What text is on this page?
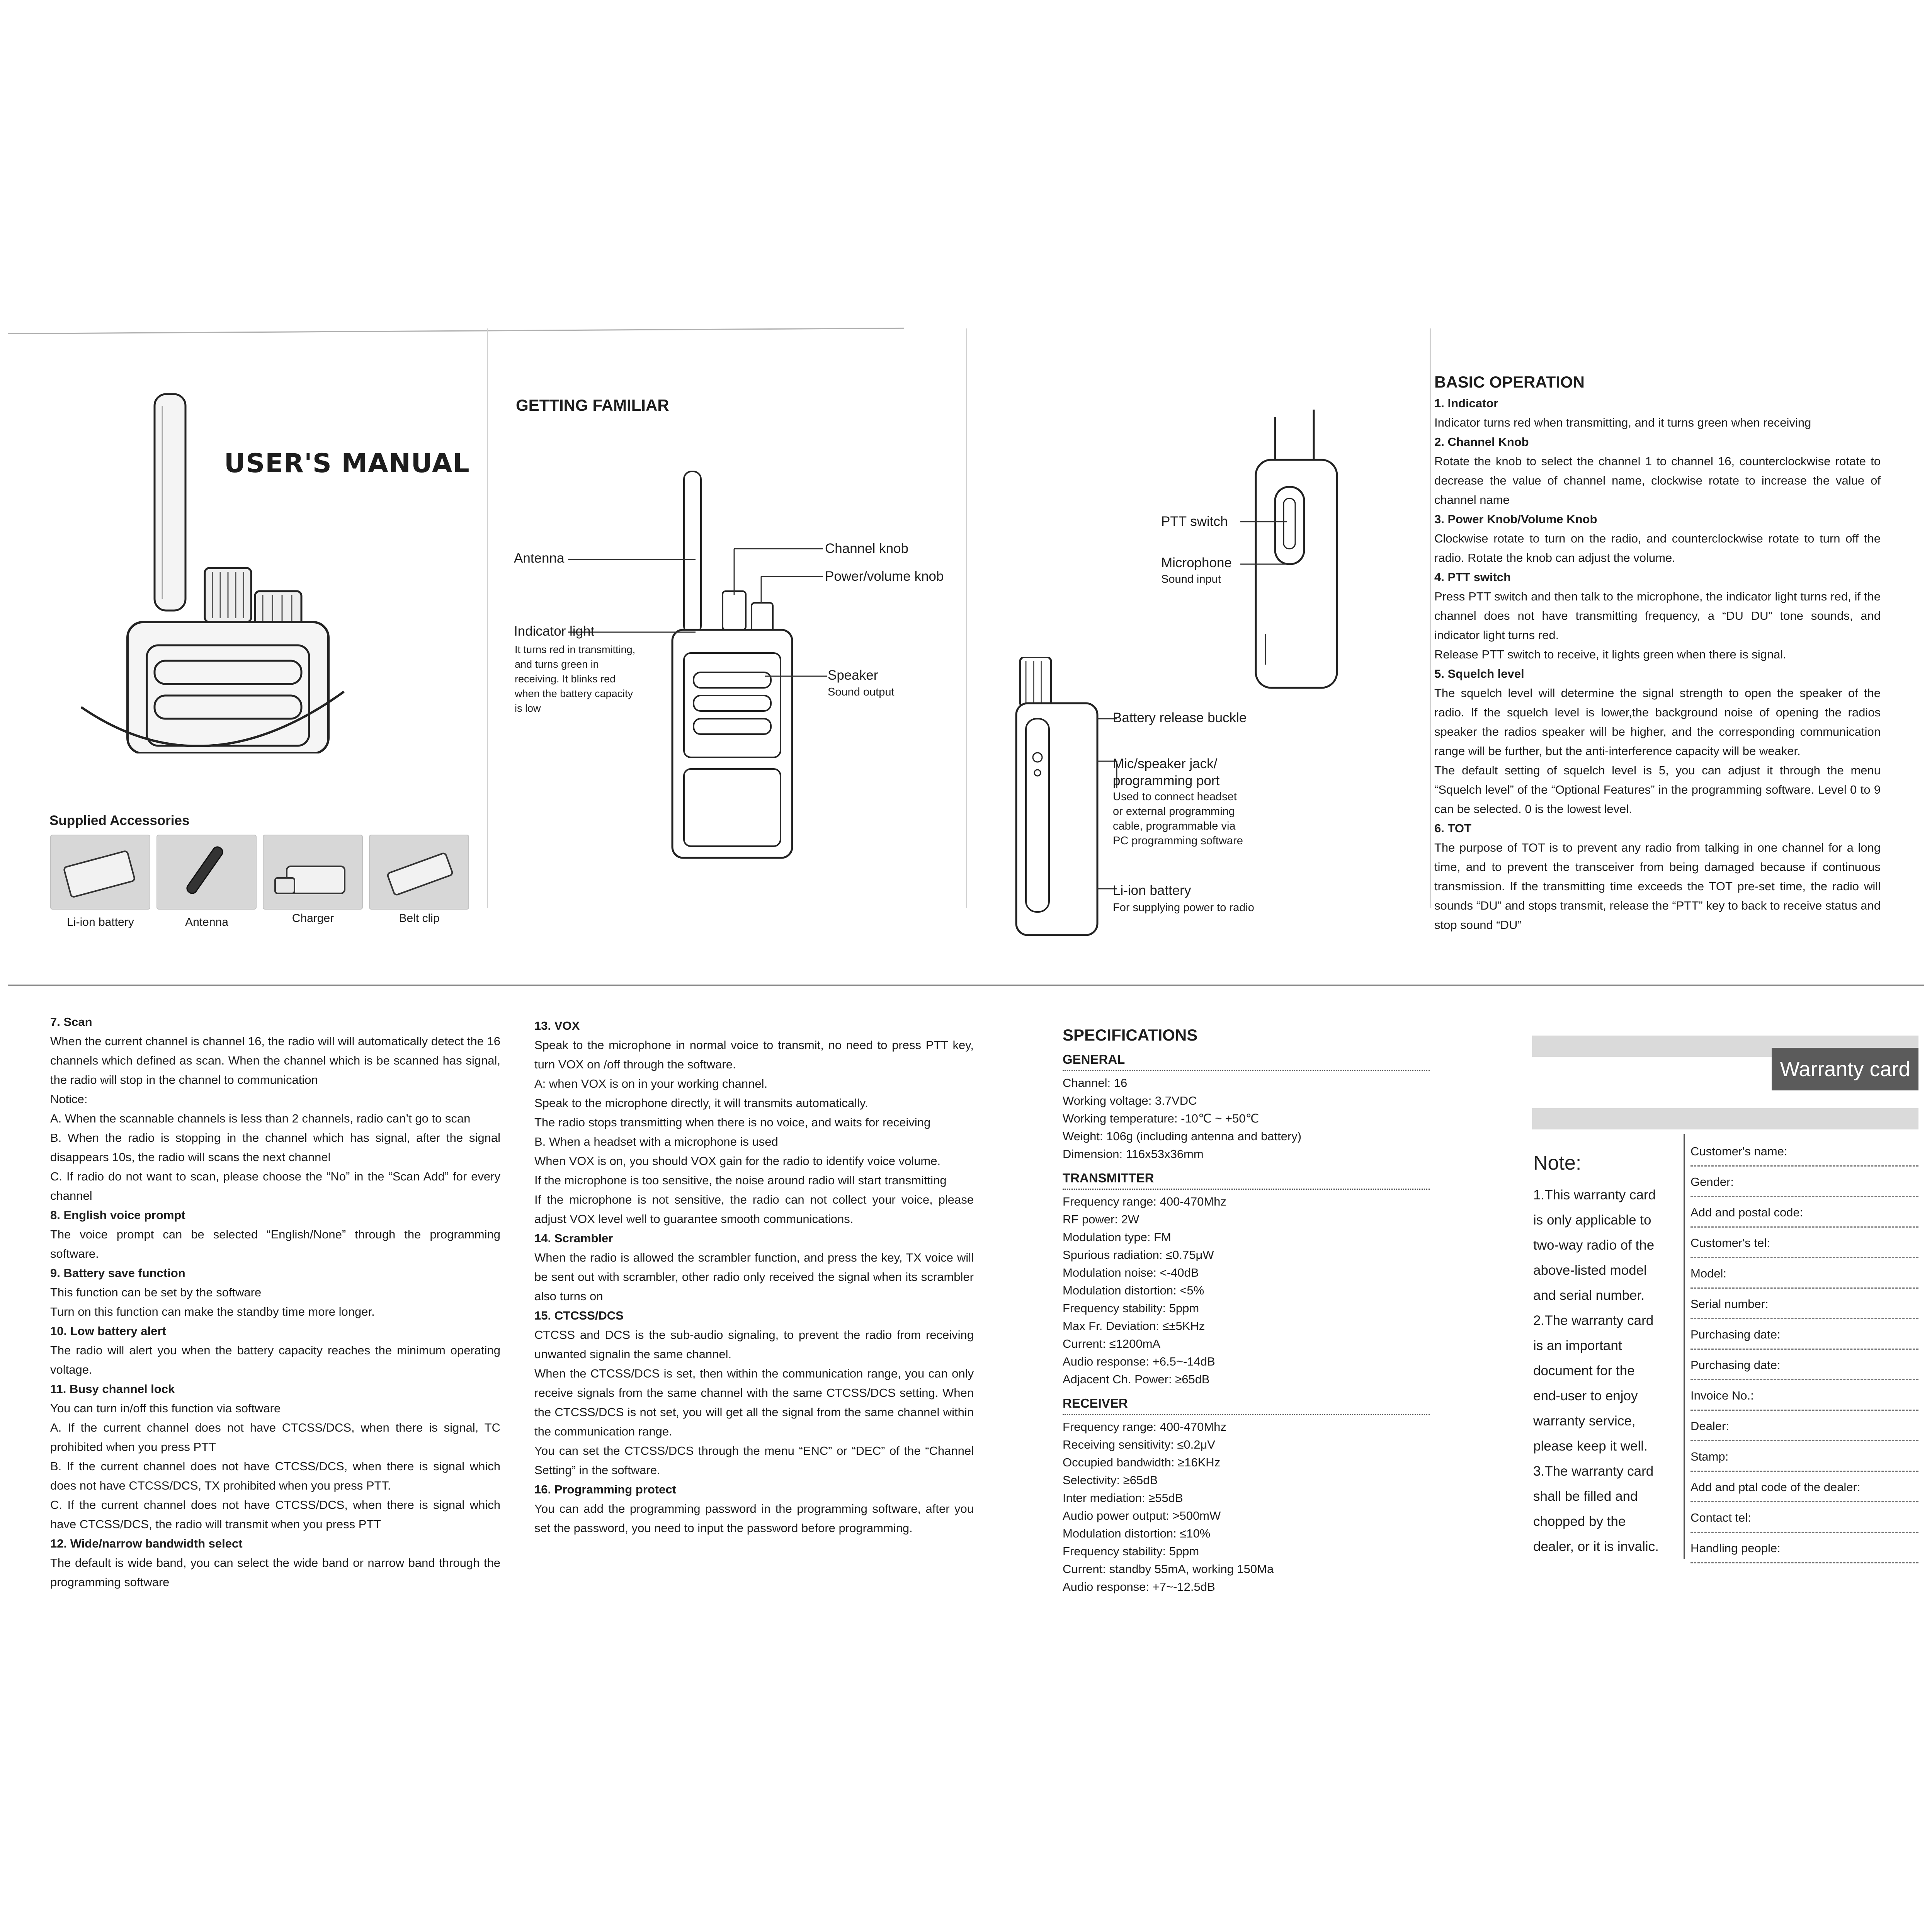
USER'S MANUAL
Supplied Accessories
Li-ion battery	Antenna	Charger	Belt clip
GETTING FAMILIAR
Antenna
Channel knob
Power/volume knob
Indicator light
It turns red in transmitting,
and turns green in
receiving. It blinks red
when the battery capacity
is low
Speaker
Sound output
PTT switch
Microphone
Sound input
Battery release buckle
Mic/speaker jack/
programming port
Used to connect headset
or external programming
cable, programmable via
PC programming software
Li-ion battery
For supplying power to radio
BASIC OPERATION
1. Indicator

Indicator turns red when transmitting, and it turns green when receiving

2. Channel Knob

Rotate the knob to select the channel 1 to channel 16, counterclockwise rotate to decrease the value of channel name, clockwise rotate to increase the value of channel name

3. Power Knob/Volume Knob

Clockwise rotate to turn on the radio, and counterclockwise rotate to turn off the radio. Rotate the knob can adjust the volume.

4. PTT switch

Press PTT switch and then talk to the microphone, the indicator light turns red, if the channel does not have transmitting frequency, a “DU DU” tone sounds, and indicator light turns red.

Release PTT switch to receive, it lights green when there is signal.

5. Squelch level

The squelch level will determine the signal strength to open the speaker of the radio. If the squelch level is lower,the background noise of opening the radios speaker the radios speaker will be higher, and the corresponding communication range will be further, but the anti-interference capacity will be weaker.

The default setting of squelch level is 5, you can adjust it through the menu “Squelch level” of the “Optional Features” in the programming software. Level 0 to 9 can be selected. 0 is the lowest level.

6. TOT

The purpose of TOT is to prevent any radio from talking in one channel for a long time, and to prevent the transceiver from being damaged because if continuous transmission. If the transmitting time exceeds the TOT pre-set time, the radio will sounds “DU” and stops transmit, release the “PTT” key to back to receive status and stop sound “DU”

7. Scan

When the current channel is channel 16, the radio will will automatically detect the 16 channels which defined as scan. When the channel which is be scanned has signal, the radio will stop in the channel to communication

Notice:

A. When the scannable channels is less than 2 channels, radio can’t go to scan

B. When the radio is stopping in the channel which has signal, after the signal disappears 10s, the radio will scans the next channel

C. If radio do not want to scan, please choose the “No” in the “Scan Add” for every channel

8. English voice prompt

The voice prompt can be selected “English/None” through the programming software.

9. Battery save function

This function can be set by the software

Turn on this function can make the standby time more longer.

10. Low battery alert

The radio will alert you when the battery capacity reaches the minimum operating voltage.

11. Busy channel lock

You can turn in/off this function via software

A. If the current channel does not have CTCSS/DCS, when there is signal, TC prohibited when you press PTT

B. If the current channel does not have CTCSS/DCS, when there is signal which does not have CTCSS/DCS, TX prohibited when you press PTT.

C. If the current channel does not have CTCSS/DCS, when there is signal which have CTCSS/DCS, the radio will transmit when you press PTT

12. Wide/narrow bandwidth select

The default is wide band, you can select the wide band or narrow band through the programming software

13. VOX

Speak to the microphone in normal voice to transmit, no need to press PTT key, turn VOX on /off through the software.

A: when VOX is on in your working channel.

Speak to the microphone directly, it will transmits automatically.

The radio stops transmitting when there is no voice, and waits for receiving

B. When a headset with a microphone is used

When VOX is on, you should VOX gain for the radio to identify voice volume.

If the microphone is too sensitive, the noise around radio will start transmitting

If the microphone is not sensitive, the radio can not collect your voice, please adjust VOX level well to guarantee smooth communications.

14. Scrambler

When the radio is allowed the scrambler function, and press the key, TX voice will be sent out with scrambler, other radio only received the signal when its scrambler also turns on

15. CTCSS/DCS

CTCSS and DCS is the sub-audio signaling, to prevent the radio from receiving unwanted signalin the same channel.

When the CTCSS/DCS is set, then within the communication range, you can only receive signals from the same channel with the same CTCSS/DCS setting. When the CTCSS/DCS is not set, you will get all the signal from the same channel within the communication range.

You can set the CTCSS/DCS through the menu “ENC” or “DEC” of the “Channel Setting” in the software.

16. Programming protect

You can add the programming password in the programming software, after you set the password, you need to input the password before programming.

SPECIFICATIONS
GENERAL
Channel: 16
Working voltage: 3.7VDC
Working temperature: -10℃ ~ +50℃
Weight: 106g (including antenna and battery)
Dimension: 116x53x36mm
TRANSMITTER
Frequency range: 400-470Mhz
RF power: 2W
Modulation type: FM
Spurious radiation: ≤0.75μW
Modulation noise: <-40dB
Modulation distortion: <5%
Frequency stability: 5ppm
Max Fr. Deviation: ≤±5KHz
Current: ≤1200mA
Audio response: +6.5~-14dB
Adjacent Ch. Power: ≥65dB
RECEIVER
Frequency range: 400-470Mhz
Receiving sensitivity: ≤0.2μV
Occupied bandwidth: ≥16KHz
Selectivity: ≥65dB
Inter mediation: ≥55dB
Audio power output: >500mW
Modulation distortion: ≤10%
Frequency stability: 5ppm
Current: standby 55mA, working 150Ma
Audio response: +7~-12.5dB
Warranty card
Note:
1.This warranty card
is only applicable to
two-way radio of the
above-listed model
and serial number.
2.The warranty card
is an important
document for the
end-user to enjoy
warranty service,
please keep it well.
3.The warranty card
shall be filled and
chopped by the
dealer, or it is invalic.
Customer's name:
Gender:
Add and postal code:
Customer's tel:
Model:
Serial number:
Purchasing date:
Purchasing date:
Invoice No.:
Dealer:
Stamp:
Add and ptal code of the dealer:
Contact tel:
Handling people:
